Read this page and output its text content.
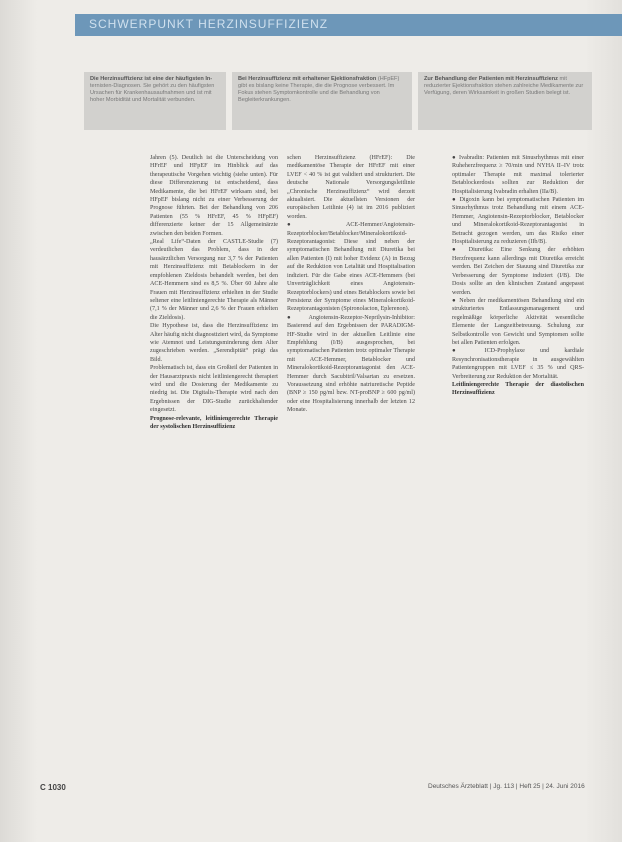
SCHWERPUNKT HERZINSUFFIZIENZ
Die Herzinsuffizienz ist eine der häufigsten In- ternisten-Diagnosen. Sie gehört zu den häufigsten Ursachen für Krankenhausaufnahmen und ist mit hoher Morbidität und Mortalität verbunden.
Bei Herzinsuffizienz mit erhaltener Ejektionsfraktion (HFpEF) gibt es bislang keine Therapie, die die Prognose verbessert. Im Fokus stehen Symptomkontrolle und die Behandlung von Begleiterkrankungen.
Zur Behandlung der Patienten mit Herzinsuffizienz mit reduzierter Ejektionsfraktion stehen zahlreiche Medikamente zur Verfügung, deren Wirksamkeit in großen Studien belegt ist.

Jahren (5). Deutlich ist die Unterscheidung von HFrEF und HFpEF im Hinblick auf das therapeutische Vorgehen wichtig (siehe unten). Für diese Differenzierung ist entscheidend, dass Medikamente, die bei HFrEF wirksam sind, bei HFpEF bislang nicht zu einer Verbesserung der Prognose führten. Bei der Behandlung von 206 Patienten (55 % HFrEF, 45 % HFpEF) differenzierte keiner der 15 Allgemeinärzte zwischen den beiden Formen.

„Real Life“-Daten der CASTLE-Studie (7) verdeutlichen das Problem, dass in der hausärztlichen Versorgung nur 3,7 % der Patienten mit Herzinsuffizienz mit Betablockern in der empfohlenen Zieldosis behandelt werden, bei den ACE-Hemmern sind es 8,5 %. Über 60 Jahre alte Frauen mit Herzinsuffizienz erhielten in der Studie seltener eine leitliniengerechte Therapie als Männer (7,1 % der Männer und 2,6 % der Frauen erhielten die Zieldosis).

Die Hypothese ist, dass die Herzinsuffizienz im Alter häufig nicht diagnostiziert wird, da Symptome wie Atemnot und Leistungsminderung dem Alter zugeschrieben werden. „Serendipität“ prägt das Bild.

Problematisch ist, dass ein Großteil der Patienten in der Hausarztpraxis nicht leitliniengerecht therapiert wird und die Dosierung der Medikamente zu niedrig ist. Die Digitalis-Therapie wird nach den Ergebnissen der DIG-Studie zurückhaltender eingesetzt.

Prognose-relevante, leitliniengerechte Therapie der systolischen Herzinsuffizienz

schen Herzinsuffizienz (HFrEF): Die medikamentöse Therapie der HFrEF mit einer LVEF < 40 % ist gut validiert und strukturiert. Die deutsche Nationale Versorgungsleitlinie „Chronische Herzinsuffizienz“ wird derzeit aktualisiert. Die aktuellsten Versionen der europäischen Leitlinie (4) ist im 2016 publiziert worden.

● ACE-Hemmer/Angiotensin-Rezeptorblocker/Betablocker/Mineralokortikoid-Rezeptorantagonist: Diese sind neben der symptomatischen Behandlung mit Diuretika bei allen Patienten (I) mit hoher Evidenz (A) in Bezug auf die Reduktion von Letalität und Hospitalisation indiziert. Für die Gabe eines ACE-Hemmers (bei Unverträglichkeit eines Angiotensin-Rezeptorblockers) und eines Betablockers sowie bei Persistenz der Symptome eines Mineralokortikoid-Rezeptorantagonisten (Spironolacton, Eplerenon).

● Angiotensin-Rezeptor-Neprilysin-Inhibitor: Basierend auf den Ergebnissen der PARADIGM-HF-Studie wird in der aktuellen Leitlinie eine Empfehlung (I/B) ausgesprochen, bei symptomatischen Patienten trotz optimaler Therapie mit ACE-Hemmer, Betablocker und Mineralokortikoid-Rezeptorantagonist den ACE-Hemmer durch Sacubitril/Valsartan zu ersetzen. Voraussetzung sind erhöhte natriuretische Peptide (BNP ≥ 150 pg/ml bzw. NT-proBNP ≥ 600 pg/ml) oder eine Hospitalisierung innerhalb der letzten 12 Monate.

● Ivabradin: Patienten mit Sinusrhythmus mit einer Ruheherzfrequenz ≥ 70/min und NYHA II–IV trotz optimaler Therapie mit maximal tolerierter Betablockerdosis sollten zur Reduktion der Hospitalisierung Ivabradin erhalten (IIa/B).

● Digoxin kann bei symptomatischen Patienten im Sinusrhythmus trotz Behandlung mit einem ACE-Hemmer, Angiotensin-Rezeptorblocker, Betablocker und Mineralokortikoid-Rezeptorantagonist in Betracht gezogen werden, um das Risiko einer Hospitalisierung zu reduzieren (IIb/B).

● Diuretika: Eine Senkung der erhöhten Herzfrequenz kann allerdings mit Diuretika erreicht werden. Bei Zeichen der Stauung sind Diuretika zur Verbesserung der Symptome indiziert (I/B). Die Dosis sollte an den klinischen Zustand angepasst werden.

● Neben der medikamentösen Behandlung sind ein strukturiertes Entlassungsmanagement und regelmäßige körperliche Aktivität wesentliche Elemente der Langzeitbetreuung. Schulung zur Selbstkontrolle von Gewicht und Symptomen sollte bei allen Patienten erfolgen.

● ICD-Prophylaxe und kardiale Resynchronisationstherapie in ausgewählten Patientengruppen mit LVEF ≤ 35 % und QRS-Verbreiterung zur Reduktion der Mortalität.

Leitliniengerechte Therapie der diastolischen Herzinsuffizienz

C 1030	Deutsches Ärzteblatt | Jg. 113 | Heft 25 | 24. Juni 2016
